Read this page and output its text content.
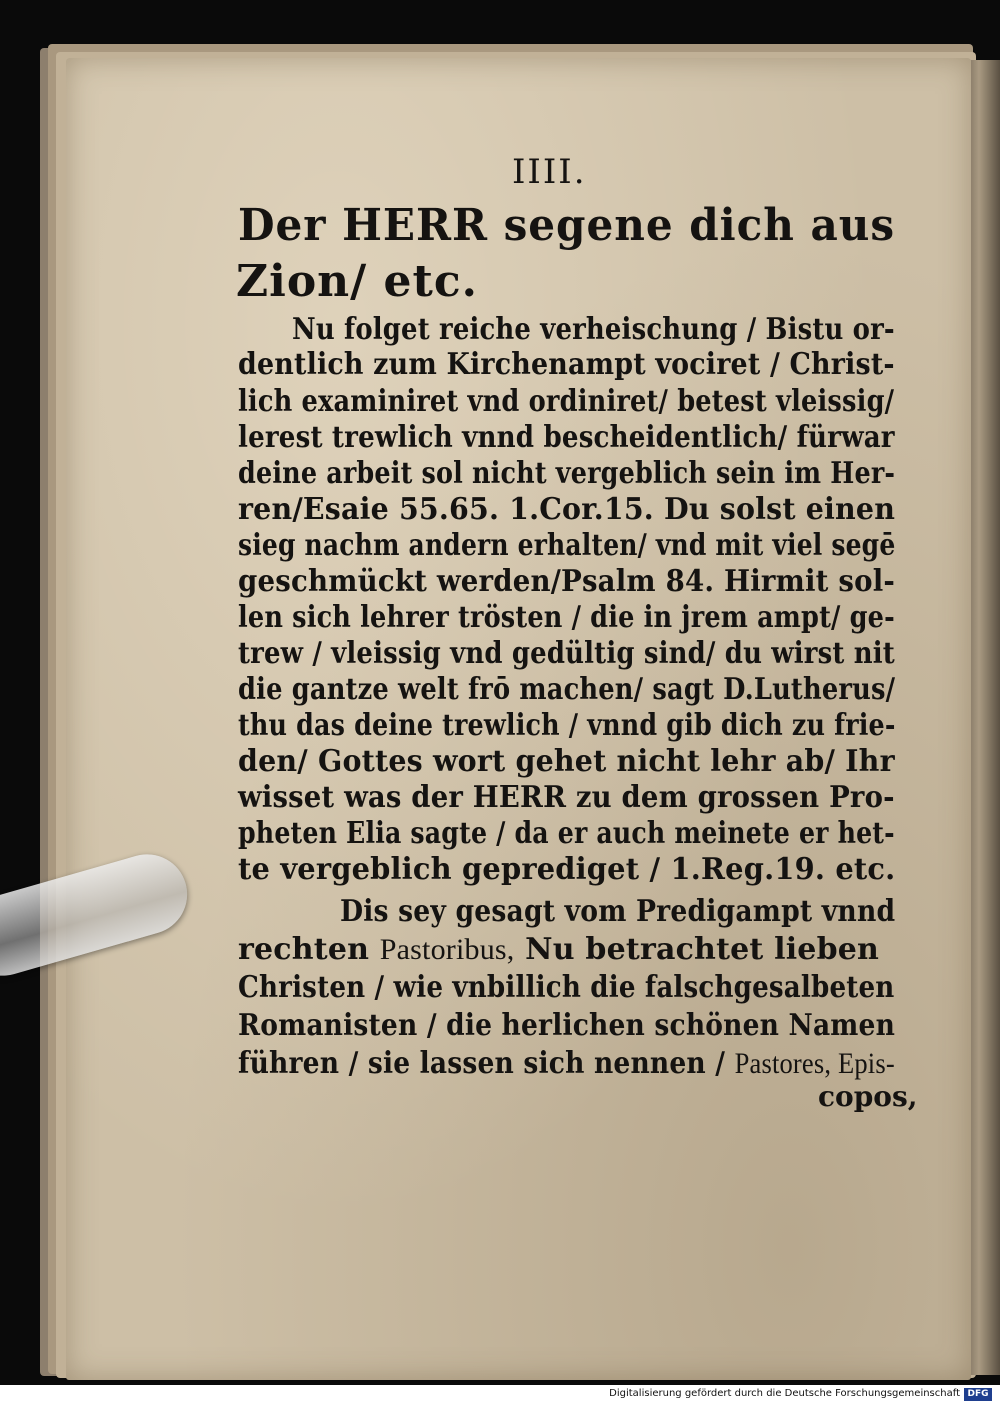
IIII.
Der HERR segene dich aus
Zion/ etc.
Nu folget reiche verheischung / Bistu or-
dentlich zum Kirchenampt vociret / Christ-
lich examiniret vnd ordiniret/ betest vleissig/
lerest trewlich vnnd bescheidentlich/ fürwar
deine arbeit sol nicht vergeblich sein im Her-
ren/Esaie 55.65. 1.Cor.15. Du solst einen
sieg nachm andern erhalten/ vnd mit viel segē
geschmückt werden/Psalm 84. Hirmit sol-
len sich lehrer trösten / die in jrem ampt/ ge-
trew / vleissig vnd gedültig sind/ du wirst nit
die gantze welt frō machen/ sagt D.Lutherus/
thu das deine trewlich / vnnd gib dich zu frie-
den/ Gottes wort gehet nicht lehr ab/ Ihr
wisset was der HERR zu dem grossen Pro-
pheten Elia sagte / da er auch meinete er het-
te vergeblich geprediget / 1.Reg.19. etc.
Dis sey gesagt vom Predigampt vnnd
rechten Pastoribus, Nu betrachtet lieben
Christen / wie vnbillich die falschgesalbeten
Romanisten / die herlichen schönen Namen
führen / sie lassen sich nennen / Pastores, Epis-
copos,
Digitalisierung gefördert durch die Deutsche Forschungsgemeinschaft DFG
